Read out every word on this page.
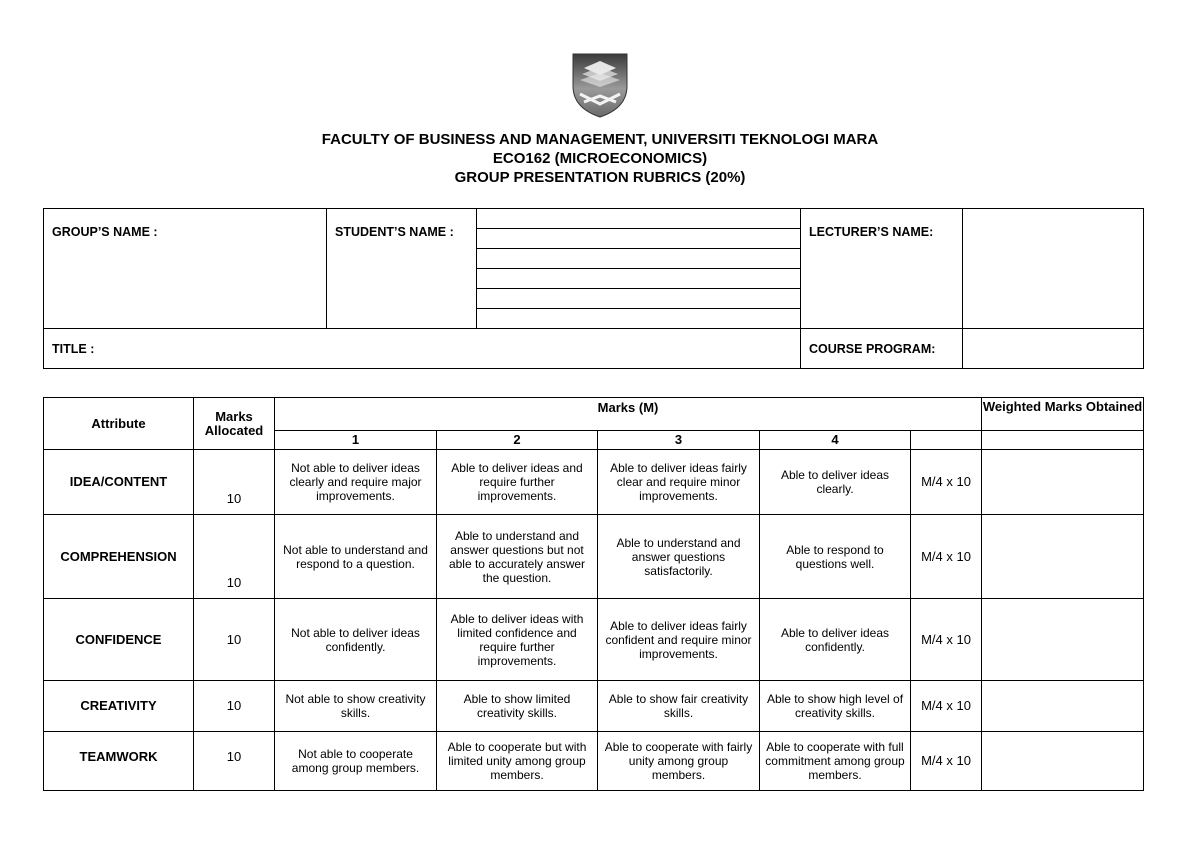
FACULTY OF BUSINESS AND MANAGEMENT, UNIVERSITI TEKNOLOGI MARA
ECO162 (MICROECONOMICS)
GROUP PRESENTATION RUBRICS (20%)
GROUP’S NAME :	STUDENT’S NAME :		LECTURER’S NAME:	
TITLE :			COURSE PROGRAM:	
Attribute	Marks Allocated	Marks (M)					Weighted Marks Obtained
		1	2	3	4		
IDEA/CONTENT	10	Not able to deliver ideas clearly and require major improvements.	Able to deliver ideas and require further improvements.	Able to deliver ideas fairly clear and require minor improvements.	Able to deliver ideas clearly.	M/4 x 10	
COMPREHENSION	10	Not able to understand and respond to a question.	Able to understand and answer questions but not able to accurately answer the question.	Able to understand and answer questions satisfactorily.	Able to respond to questions well.	M/4 x 10	
CONFIDENCE	10	Not able to deliver ideas confidently.	Able to deliver ideas with limited confidence and require further improvements.	Able to deliver ideas fairly confident and require minor improvements.	Able to deliver ideas confidently.	M/4 x 10	
CREATIVITY	10	Not able to show creativity skills.	Able to show limited creativity skills.	Able to show fair creativity skills.	Able to show high level of creativity skills.	M/4 x 10	
TEAMWORK	10	Not able to cooperate among group members.	Able to cooperate but with limited unity among group members.	Able to cooperate with fairly unity among group members.	Able to cooperate with full commitment among group members.	M/4 x 10	
